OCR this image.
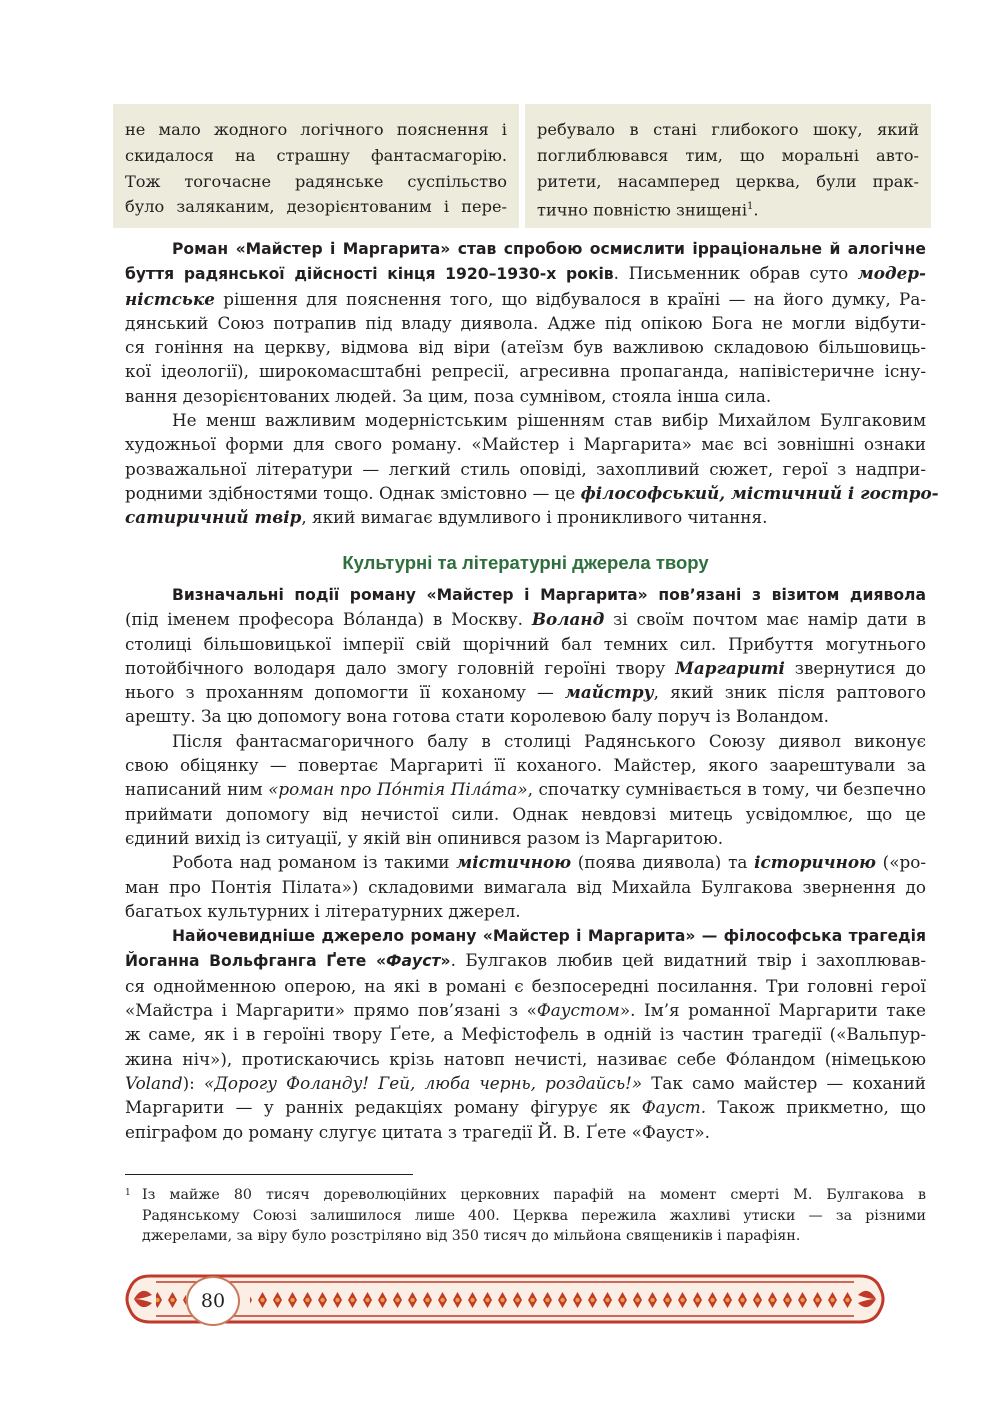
не мало жодного логічного пояснення і
скидалося на страшну фантасмагорію.
Тож тогочасне радянське суспільство
було заляканим, дезорієнтованим і пере-
ребувало в стані глибокого шоку, який
поглиблювався тим, що моральні авто-
ритети, насамперед церква, були прак-
тично повністю знищені$^1$.

Роман «Майстер і Маргарита» став спробою осмислити ірраціональне й алогічне
буття радянської дійсності кінця 1920–1930-х років. Письменник обрав суто модер-
ністське рішення для пояснення того, що відбувалося в країні — на його думку, Ра-
дянський Союз потрапив під владу диявола. Адже під опікою Бога не могли відбути-
ся гоніння на церкву, відмова від віри (атеїзм був важливою складовою більшовиць-
кої ідеології), широкомасштабні репресії, агресивна пропаганда, напівістеричне існу-
вання дезорієнтованих людей. За цим, поза сумнівом, стояла інша сила.

Не менш важливим модерністським рішенням став вибір Михайлом Булгаковим
художньої форми для свого роману. «Майстер і Маргарита» має всі зовнішні ознаки
розважальної літератури — легкий стиль оповіді, захопливий сюжет, герої з надпри-
родними здібностями тощо. Однак змістовно — це філософський, містичний і гостро-
сатиричний твір, який вимагає вдумливого і проникливого читання.

Культурні та літературні джерела твору

Визначальні події роману «Майстер і Маргарита» пов’язані з візитом диявола
(під іменем професора Во́ланда) в Москву. Воланд зі своїм почтом має намір дати в
столиці більшовицької імперії свій щорічний бал темних сил. Прибуття могутнього
потойбічного володаря дало змогу головній героїні твору Маргариті звернутися до
нього з проханням допомогти її коханому — майстру, який зник після раптового
арешту. За цю допомогу вона готова стати королевою балу поруч із Воландом.

Після фантасмагоричного балу в столиці Радянського Союзу диявол виконує
свою обіцянку — повертає Маргариті її коханого. Майстер, якого заарештували за
написаний ним «роман про По́нтія Піла́та», спочатку сумнівається в тому, чи безпечно
приймати допомогу від нечистої сили. Однак невдовзі митець усвідомлює, що це
єдиний вихід із ситуації, у якій він опинився разом із Маргаритою.

Робота над романом із такими містичною (поява диявола) та історичною («ро-
ман про Понтія Пілата») складовими вимагала від Михайла Булгакова звернення до
багатьох культурних і літературних джерел.

Найочевидніше джерело роману «Майстер і Маргарита» — філософська трагедія
Йоганна Вольфганга Ґете «Фауст». Булгаков любив цей видатний твір і захоплював-
ся однойменною оперою, на які в романі є безпосередні посилання. Три головні герої
«Майстра і Маргарити» прямо пов’язані з «Фаустом». Ім’я романної Маргарити таке
ж саме, як і в героїні твору Ґете, а Мефістофель в одній із частин трагедії («Вальпур-
жина ніч»), протискаючись крізь натовп нечисті, називає себе Фо́ландом (німецькою
Voland): «Дорогу Фоланду! Гей, люба чернь, роздайсь!» Так само майстер — коханий
Маргарити — у ранніх редакціях роману фігурує як Фауст. Також прикметно, що
епіграфом до роману слугує цитата з трагедії Й. В. Ґете «Фауст».

1 Із майже 80 тисяч дореволюційних церковних парафій на момент смерті М. Булгакова в
Радянському Союзі залишилося лише 400. Церква пережила жахливі утиски — за різними
джерелами, за віру було розстріляно від 350 тисяч до мільйона священиків і парафіян.
80
